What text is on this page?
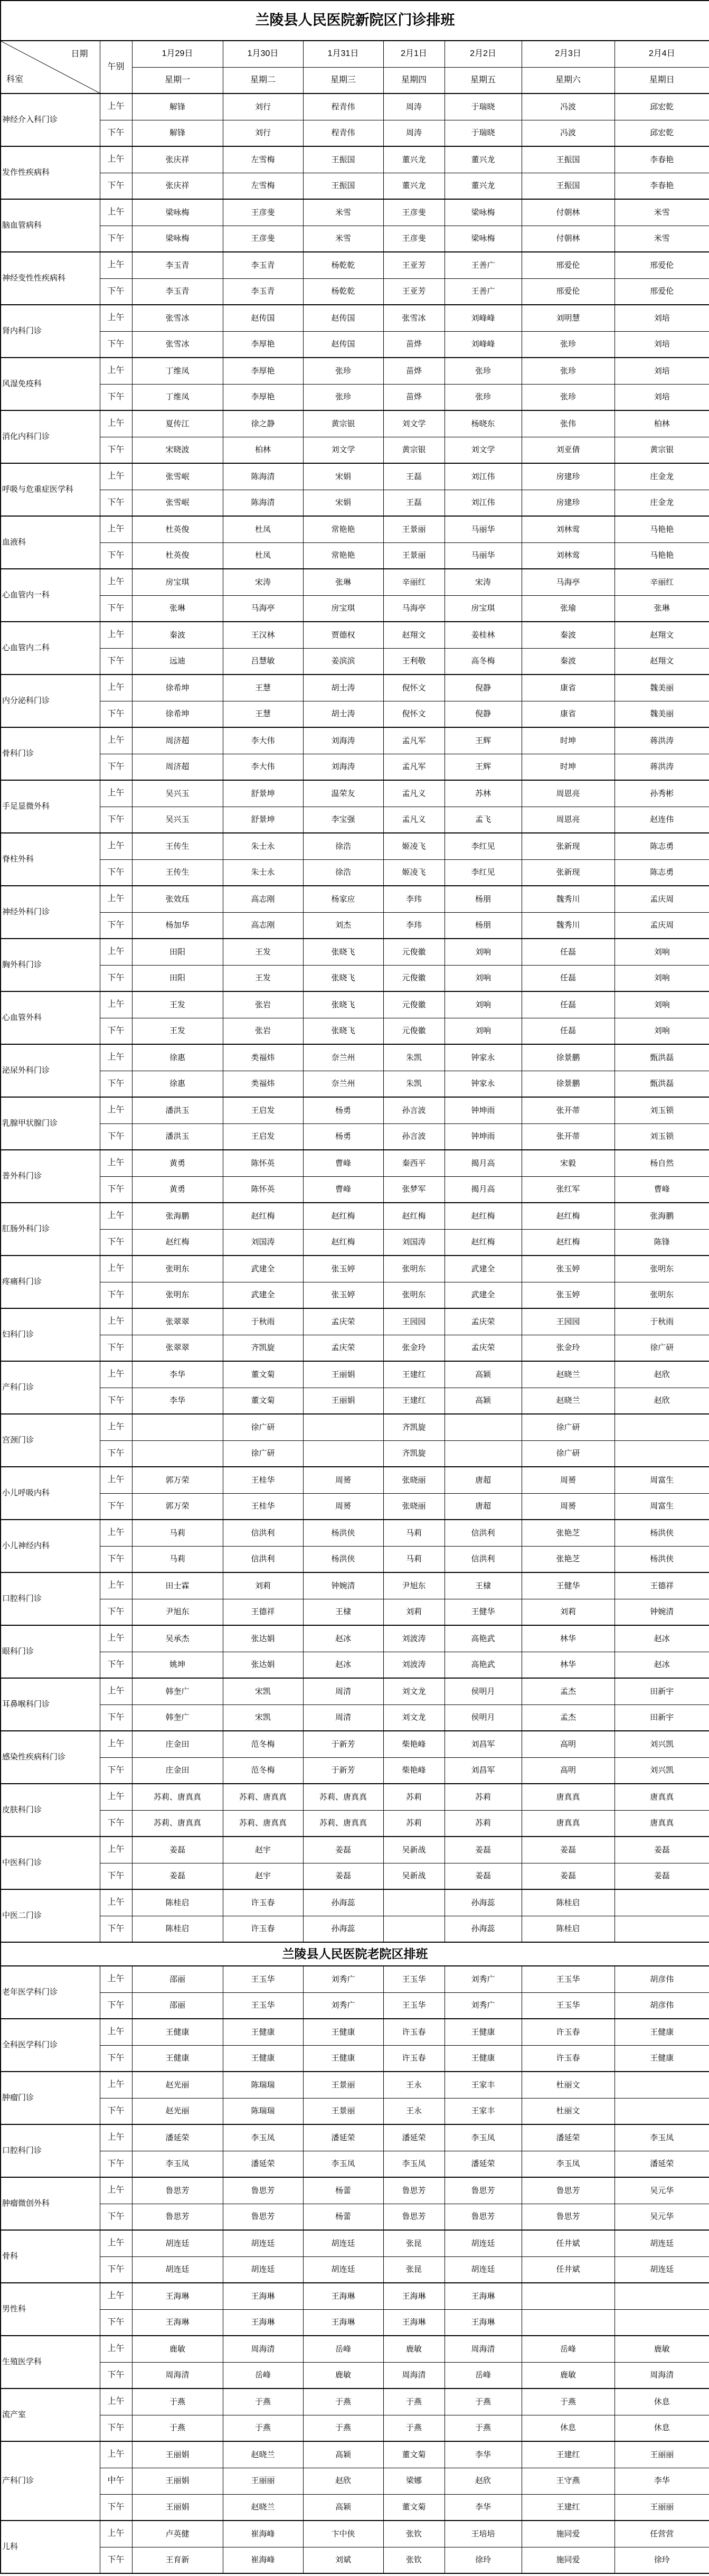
兰陵县人民医院新院区门诊排班								

日期
科室	午别	1月29日	1月30日	1月31日	2月1日	2月2日	2月3日	2月4日
		星期一	星期二	星期三	星期四	星期五	星期六	星期日
神经介入科门诊	上午	解锋	刘行	程青伟	周涛	于瑞晓	冯波	邱宏乾
	下午	解锋	刘行	程青伟	周涛	于瑞晓	冯波	邱宏乾
发作性疾病科	上午	张庆祥	左雪梅	王振国	董兴龙	董兴龙	王振国	李春艳
	下午	张庆祥	左雪梅	王振国	董兴龙	董兴龙	王振国	李春艳
脑血管病科	上午	梁咏梅	王彦斐	米雪	王彦斐	梁咏梅	付朝林	米雪
	下午	梁咏梅	王彦斐	米雪	王彦斐	梁咏梅	付朝林	米雪
神经变性性疾病科	上午	李玉青	李玉青	杨乾乾	王亚芳	王善广	邢爱伦	邢爱伦
	下午	李玉青	李玉青	杨乾乾	王亚芳	王善广	邢爱伦	邢爱伦
肾内科门诊	上午	张雪冰	赵传国	赵传国	张雪冰	刘峰峰	刘明慧	刘培
	下午	张雪冰	李厚艳	赵传国	苗烨	刘峰峰	张珍	刘培
风湿免疫科	上午	丁维凤	李厚艳	张珍	苗烨	张珍	张珍	刘培
	下午	丁维凤	李厚艳	张珍	苗烨	张珍	张珍	刘培
消化内科门诊	上午	夏传江	徐之静	黄宗银	刘文学	杨晓东	张伟	柏林
	下午	宋晓波	柏林	刘文学	黄宗银	刘文学	刘亚倩	黄宗银
呼吸与危重症医学科	上午	张雪岷	陈海清	宋娟	王磊	刘江伟	房建珍	庄金龙
	下午	张雪岷	陈海清	宋娟	王磊	刘江伟	房建珍	庄金龙
血液科	上午	杜英俊	杜凤	常艳艳	王景丽	马丽华	刘林莺	马艳艳
	下午	杜英俊	杜凤	常艳艳	王景丽	马丽华	刘林莺	马艳艳
心血管内一科	上午	房宝琪	宋涛	张琳	辛丽红	宋涛	马海亭	辛丽红
	下午	张琳	马海亭	房宝琪	马海亭	房宝琪	张瑜	张琳
心血管内二科	上午	秦波	王汉林	贾德权	赵翔文	姜桂林	秦波	赵翔文
	下午	远迪	吕慧敏	姜滨滨	王利敬	高冬梅	秦波	赵翔文
内分泌科门诊	上午	徐希坤	王慧	胡士涛	倪怀文	倪静	康省	魏美丽
	下午	徐希坤	王慧	胡士涛	倪怀文	倪静	康省	魏美丽
骨科门诊	上午	周济超	李大伟	刘海涛	孟凡军	王辉	时坤	蒋洪涛
	下午	周济超	李大伟	刘海涛	孟凡军	王辉	时坤	蒋洪涛
手足显微外科	上午	吴兴玉	舒景坤	温荣友	孟凡义	苏林	周恩亮	孙秀彬
	下午	吴兴玉	舒景坤	李宝强	孟凡义	孟飞	周恩亮	赵连伟
脊柱外科	上午	王传生	朱士永	徐浩	姬凌飞	李红见	张新现	陈志勇
	下午	王传生	朱士永	徐浩	姬凌飞	李红见	张新现	陈志勇
神经外科门诊	上午	张效珏	高志刚	杨家应	李玮	杨朋	魏秀川	孟庆周
	下午	杨加华	高志刚	刘杰	李玮	杨朋	魏秀川	孟庆周
胸外科门诊	上午	田阳	王发	张晓飞	元俊徽	刘响	任磊	刘响
	下午	田阳	王发	张晓飞	元俊徽	刘响	任磊	刘响
心血管外科	上午	王发	张岩	张晓飞	元俊徽	刘响	任磊	刘响
	下午	王发	张岩	张晓飞	元俊徽	刘响	任磊	刘响
泌尿外科门诊	上午	徐惠	类福炜	奈兰州	朱凯	钟家永	徐景鹏	甄洪磊
	下午	徐惠	类福炜	奈兰州	朱凯	钟家永	徐景鹏	甄洪磊
乳腺甲状腺门诊	上午	潘洪玉	王启发	杨勇	孙言波	钟坤雨	张开蒂	刘玉锁
	下午	潘洪玉	王启发	杨勇	孙言波	钟坤雨	张开蒂	刘玉锁
普外科门诊	上午	黄勇	陈怀英	曹峰	秦西平	揭月高	宋毅	杨自然
	下午	黄勇	陈怀英	曹峰	张梦军	揭月高	张红军	曹峰
肛肠外科门诊	上午	张海鹏	赵红梅	赵红梅	赵红梅	赵红梅	赵红梅	张海鹏
	下午	赵红梅	刘国涛	赵红梅	刘国涛	赵红梅	赵红梅	陈锋
疼痛科门诊	上午	张明东	武建全	张玉婷	张明东	武建全	张玉婷	张明东
	下午	张明东	武建全	张玉婷	张明东	武建全	张玉婷	张明东
妇科门诊	上午	张翠翠	于秋雨	孟庆荣	王园园	孟庆荣	王园园	于秋雨
	下午	张翠翠	齐凯旋	孟庆荣	张金玲	孟庆荣	张金玲	徐广研
产科门诊	上午	李华	董文菊	王丽娟	王建红	高颖	赵晓兰	赵欣
	下午	李华	董文菊	王丽娟	王建红	高颖	赵晓兰	赵欣
宫颈门诊	上午		徐广研		齐凯旋		徐广研	
	下午		徐广研		齐凯旋		徐广研	
小儿呼吸内科	上午	郭万荣	王桂华	周赟	张晓丽	唐超	周赟	周富生
	下午	郭万荣	王桂华	周赟	张晓丽	唐超	周赟	周富生
小儿神经内科	上午	马莉	信洪利	杨洪侠	马莉	信洪利	张艳芝	杨洪侠
	下午	马莉	信洪利	杨洪侠	马莉	信洪利	张艳芝	杨洪侠
口腔科门诊	上午	田士霖	刘莉	钟婉清	尹旭东	王棣	王健华	王德祥
	下午	尹旭东	王德祥	王棣	刘莉	王健华	刘莉	钟婉清
眼科门诊	上午	吴承杰	张达娟	赵冰	刘波涛	高艳武	林华	赵冰
	下午	姚坤	张达娟	赵冰	刘波涛	高艳武	林华	赵冰
耳鼻喉科门诊	上午	韩奎广	宋凯	周清	刘文龙	侯明月	孟杰	田新宇
	下午	韩奎广	宋凯	周清	刘文龙	侯明月	孟杰	田新宇
感染性疾病科门诊	上午	庄金田	范冬梅	于新芳	柴艳峰	刘昌军	高明	刘兴凯
	下午	庄金田	范冬梅	于新芳	柴艳峰	刘昌军	高明	刘兴凯
皮肤科门诊	上午	苏莉、唐真真	苏莉、唐真真	苏莉、唐真真	苏莉	苏莉	唐真真	唐真真
	下午	苏莉、唐真真	苏莉、唐真真	苏莉、唐真真	苏莉	苏莉	唐真真	唐真真
中医科门诊	上午	姜磊	赵宇	姜磊	吴新战	姜磊	姜磊	姜磊
	下午	姜磊	赵宇	姜磊	吴新战	姜磊	姜磊	姜磊
中医二门诊	上午	陈桂启	许玉春	孙海蕊		孙海蕊	陈桂启	
	下午	陈桂启	许玉春	孙海蕊		孙海蕊	陈桂启	
兰陵县人民医院老院区排班								
老年医学科门诊	上午	邵丽	王玉华	刘秀广	王玉华	刘秀广	王玉华	胡彦伟
	下午	邵丽	王玉华	刘秀广	王玉华	刘秀广	王玉华	胡彦伟
全科医学科门诊	上午	王健康	王健康	王健康	许玉春	王健康	许玉春	王健康
	下午	王健康	王健康	王健康	许玉春	王健康	许玉春	王健康
肿瘤门诊	上午	赵光丽	陈瑞瑞	王景丽	王永	王家丰	杜丽文	
	下午	赵光丽	陈瑞瑞	王景丽	王永	王家丰	杜丽文	
口腔科门诊	上午	潘延荣	李玉凤	潘延荣	潘延荣	李玉凤	潘延荣	李玉凤
	下午	李玉凤	潘延荣	李玉凤	李玉凤	潘延荣	李玉凤	潘延荣
肿瘤微创外科	上午	鲁思芳	鲁思芳	杨蕾	鲁思芳	鲁思芳	鲁思芳	吴元华
	下午	鲁思芳	鲁思芳	杨蕾	鲁思芳	鲁思芳	鲁思芳	吴元华
骨科	上午	胡连廷	胡连廷	胡连廷	张昆	胡连廷	任井斌	胡连廷
	下午	胡连廷	胡连廷	胡连廷	张昆	胡连廷	任井斌	胡连廷
男性科	上午	王海琳	王海琳	王海琳	王海琳	王海琳		
	下午	王海琳	王海琳	王海琳	王海琳	王海琳		
生殖医学科	上午	鹿敏	周海清	岳峰	鹿敏	周海清	岳峰	鹿敏
	下午	周海清	岳峰	鹿敏	周海清	岳峰	鹿敏	周海清
流产室	上午	于燕	于燕	于燕	于燕	于燕	于燕	休息
	下午	于燕	于燕	于燕	于燕	于燕	休息	休息
产科门诊	上午	王丽娟	赵晓兰	高颖	董文菊	李华	王建红	王丽丽
	中午	王丽娟	王丽丽	赵欣	梁娜	赵欣	王守燕	李华
	下午	王丽娟	赵晓兰	高颖	董文菊	李华	王建红	王丽丽
儿科	上午	卢英健	崔海峰	卞中侠	张钦	王培培	施同爱	任营营
	下午	王育新	崔海峰	刘斌	张钦	徐玲	施同爱	徐玲
